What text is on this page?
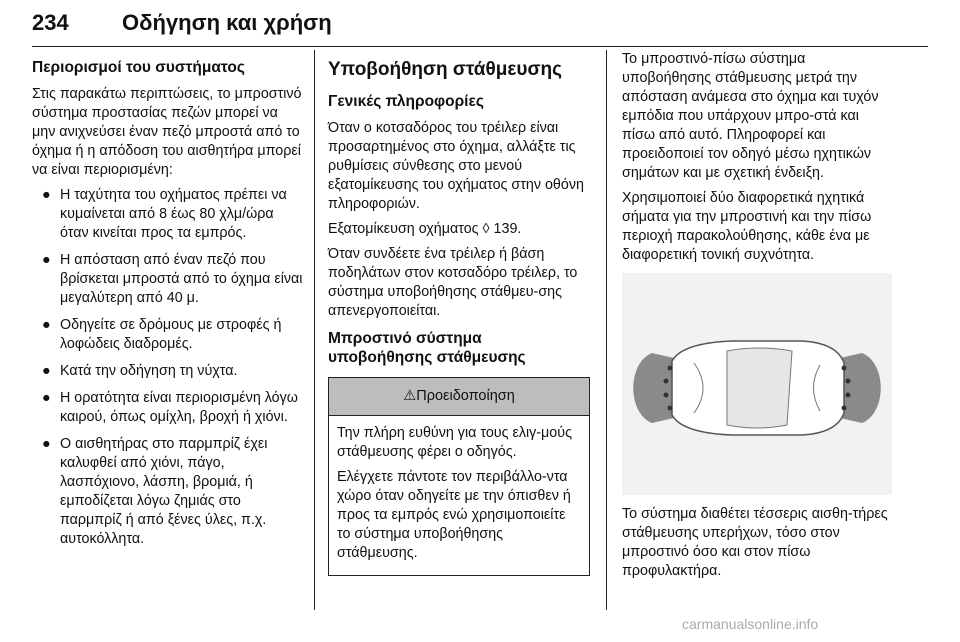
234 Οδήγηση και χρήση
Περιορισμοί του συστήματος

Στις παρακάτω περιπτώσεις, το μπροστινό σύστημα προστασίας πεζών μπορεί να μην ανιχνεύσει έναν πεζό μπροστά από το όχημα ή η απόδοση του αισθητήρα μπορεί να είναι περιορισμένη:

● Η ταχύτητα του οχήματος πρέπει να κυμαίνεται από 8 έως 80 χλμ/ώρα όταν κινείται προς τα εμπρός.
● Η απόσταση από έναν πεζό που βρίσκεται μπροστά από το όχημα είναι μεγαλύτερη από 40 μ.
● Οδηγείτε σε δρόμους με στροφές ή λοφώδεις διαδρομές.
● Κατά την οδήγηση τη νύχτα.
● Η ορατότητα είναι περιορισμένη λόγω καιρού, όπως ομίχλη, βροχή ή χιόνι.
● Ο αισθητήρας στο παρμπρίζ έχει καλυφθεί από χιόνι, πάγο, λασπόχιονο, λάσπη, βρομιά, ή εμποδίζεται λόγω ζημιάς στο παρμπρίζ ή από ξένες ύλες, π.χ. αυτοκόλλητα.
Υποβοήθηση στάθμευσης
Γενικές πληροφορίες

Όταν ο κοτσαδόρος του τρέιλερ είναι προσαρτημένος στο όχημα, αλλάξτε τις ρυθμίσεις σύνθεσης στο μενού εξατομίκευσης του οχήματος στην οθόνη πληροφοριών.

Εξατομίκευση οχήματος ◊ 139.

Όταν συνδέετε ένα τρέιλερ ή βάση ποδηλάτων στον κοτσαδόρο τρέιλερ, το σύστημα υποβοήθησης στάθμευ-σης απενεργοποιείται.

Μπροστινό σύστημα υποβοήθησης στάθμευσης
⚠Προειδοποίηση

Την πλήρη ευθύνη για τους ελιγ-μούς στάθμευσης φέρει ο οδηγός.

Ελέγχετε πάντοτε τον περιβάλλο-ντα χώρο όταν οδηγείτε με την όπισθεν ή προς τα εμπρός ενώ χρησιμοποιείτε το σύστημα υποβοήθησης στάθμευσης.

Το μπροστινό-πίσω σύστημα υποβοήθησης στάθμευσης μετρά την απόσταση ανάμεσα στο όχημα και τυχόν εμπόδια που υπάρχουν μπρο-στά και πίσω από αυτό. Πληροφορεί και προειδοποιεί τον οδηγό μέσω ηχητικών σημάτων και με σχετική ένδειξη.

Χρησιμοποιεί δύο διαφορετικά ηχητικά σήματα για την μπροστινή και την πίσω περιοχή παρακολούθησης, κάθε ένα με διαφορετική τονική συχνότητα.

Το σύστημα διαθέτει τέσσερις αισθη-τήρες στάθμευσης υπερήχων, τόσο στον μπροστινό όσο και στον πίσω προφυλακτήρα.

carmanualsonline.info
